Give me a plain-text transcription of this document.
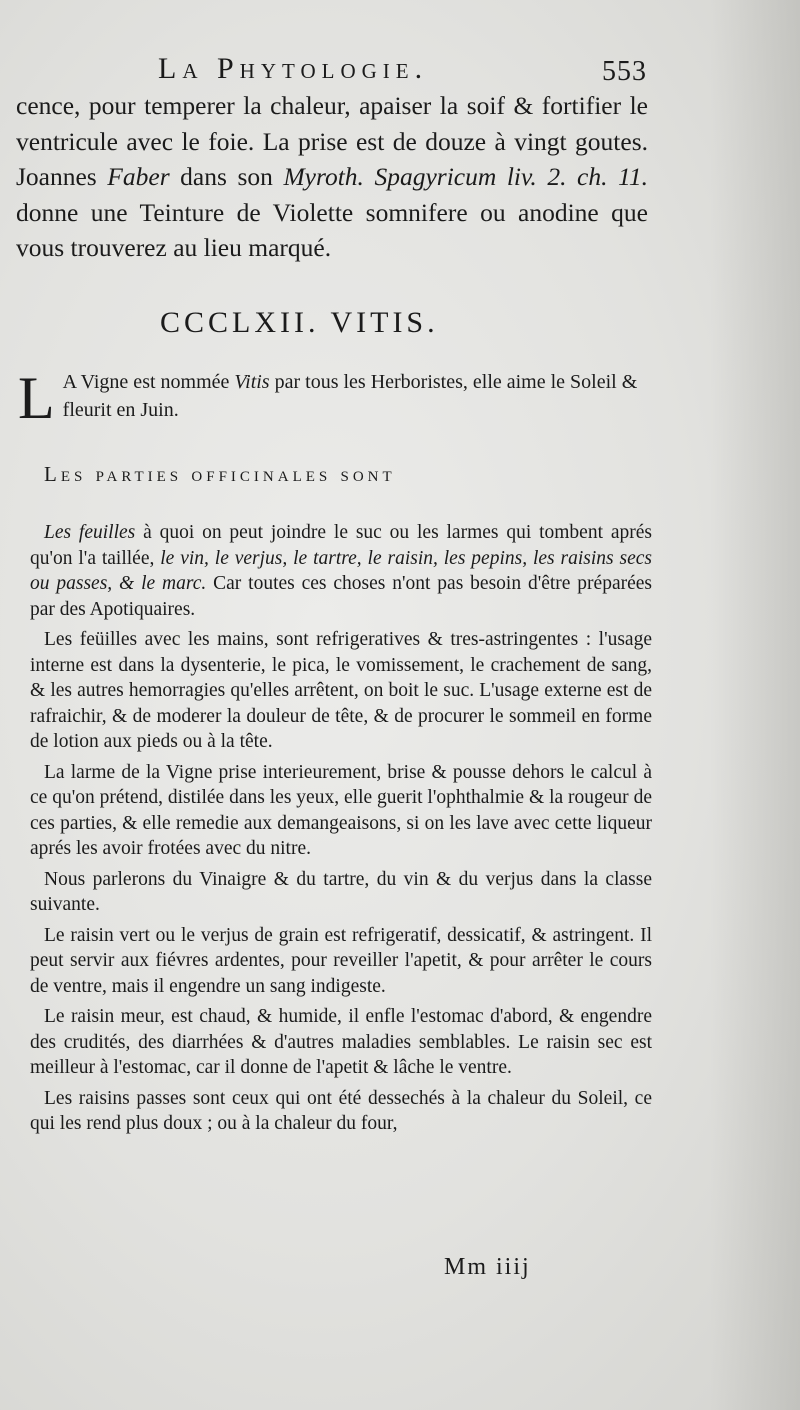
La Phytologie.	553

cence, pour temperer la chaleur, apaiser la soif & fortifier le ventricule avec le foie. La prise est de douze à vingt goutes. Joannes Faber dans son Myroth. Spagyricum liv. 2. ch. 11. donne une Teinture de Violette somnifere ou anodine que vous trouverez au lieu marqué.

CCCLXII. VITIS.
L A Vigne est nommée Vitis par tous les Herboristes, elle aime le Soleil & fleurit en Juin.
Les parties officinales sont

Les feuilles à quoi on peut joindre le suc ou les larmes qui tombent aprés qu'on l'a taillée, le vin, le verjus, le tartre, le raisin, les pepins, les raisins secs ou passes, & le marc. Car toutes ces choses n'ont pas besoin d'être préparées par des Apotiquaires.

Les feüilles avec les mains, sont refrigeratives & tres-astringentes : l'usage interne est dans la dysenterie, le pica, le vomissement, le crachement de sang, & les autres hemorragies qu'elles arrêtent, on boit le suc. L'usage externe est de rafraichir, & de moderer la douleur de tête, & de procurer le sommeil en forme de lotion aux pieds ou à la tête.

La larme de la Vigne prise interieurement, brise & pousse dehors le calcul à ce qu'on prétend, distilée dans les yeux, elle guerit l'ophthalmie & la rougeur de ces parties, & elle remedie aux demangeaisons, si on les lave avec cette liqueur aprés les avoir frotées avec du nitre.

Nous parlerons du Vinaigre & du tartre, du vin & du verjus dans la classe suivante.

Le raisin vert ou le verjus de grain est refrigeratif, dessicatif, & astringent. Il peut servir aux fiévres ardentes, pour reveiller l'apetit, & pour arrêter le cours de ventre, mais il engendre un sang indigeste.

Le raisin meur, est chaud, & humide, il enfle l'estomac d'abord, & engendre des crudités, des diarrhées & d'autres maladies semblables. Le raisin sec est meilleur à l'estomac, car il donne de l'apetit & lâche le ventre.

Les raisins passes sont ceux qui ont été dessechés à la chaleur du Soleil, ce qui les rend plus doux ; ou à la chaleur du four,

Mm iiij
